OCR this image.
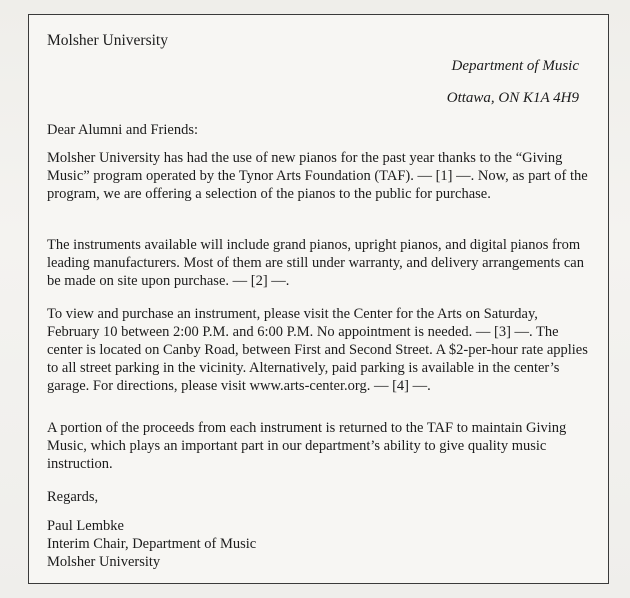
Molsher University
Department of Music
Ottawa, ON K1A 4H9
Dear Alumni and Friends:

Molsher University has had the use of new pianos for the past year thanks to the “Giving Music” program operated by the Tynor Arts Foundation (TAF). — [1] —. Now, as part of the program, we are offering a selection of the pianos to the public for purchase.

The instruments available will include grand pianos, upright pianos, and digital pianos from leading manufacturers. Most of them are still under warranty, and delivery arrangements can be made on site upon purchase. — [2] —.

To view and purchase an instrument, please visit the Center for the Arts on Saturday, February 10 between 2:00 P.M. and 6:00 P.M. No appointment is needed. — [3] —. The center is located on Canby Road, between First and Second Street. A $2-per-hour rate applies to all street parking in the vicinity. Alternatively, paid parking is available in the center’s garage. For directions, please visit www.arts-center.org. — [4] —.

A portion of the proceeds from each instrument is returned to the TAF to maintain Giving Music, which plays an important part in our department’s ability to give quality music instruction.

Regards,
Paul Lembke
Interim Chair, Department of Music
Molsher University
